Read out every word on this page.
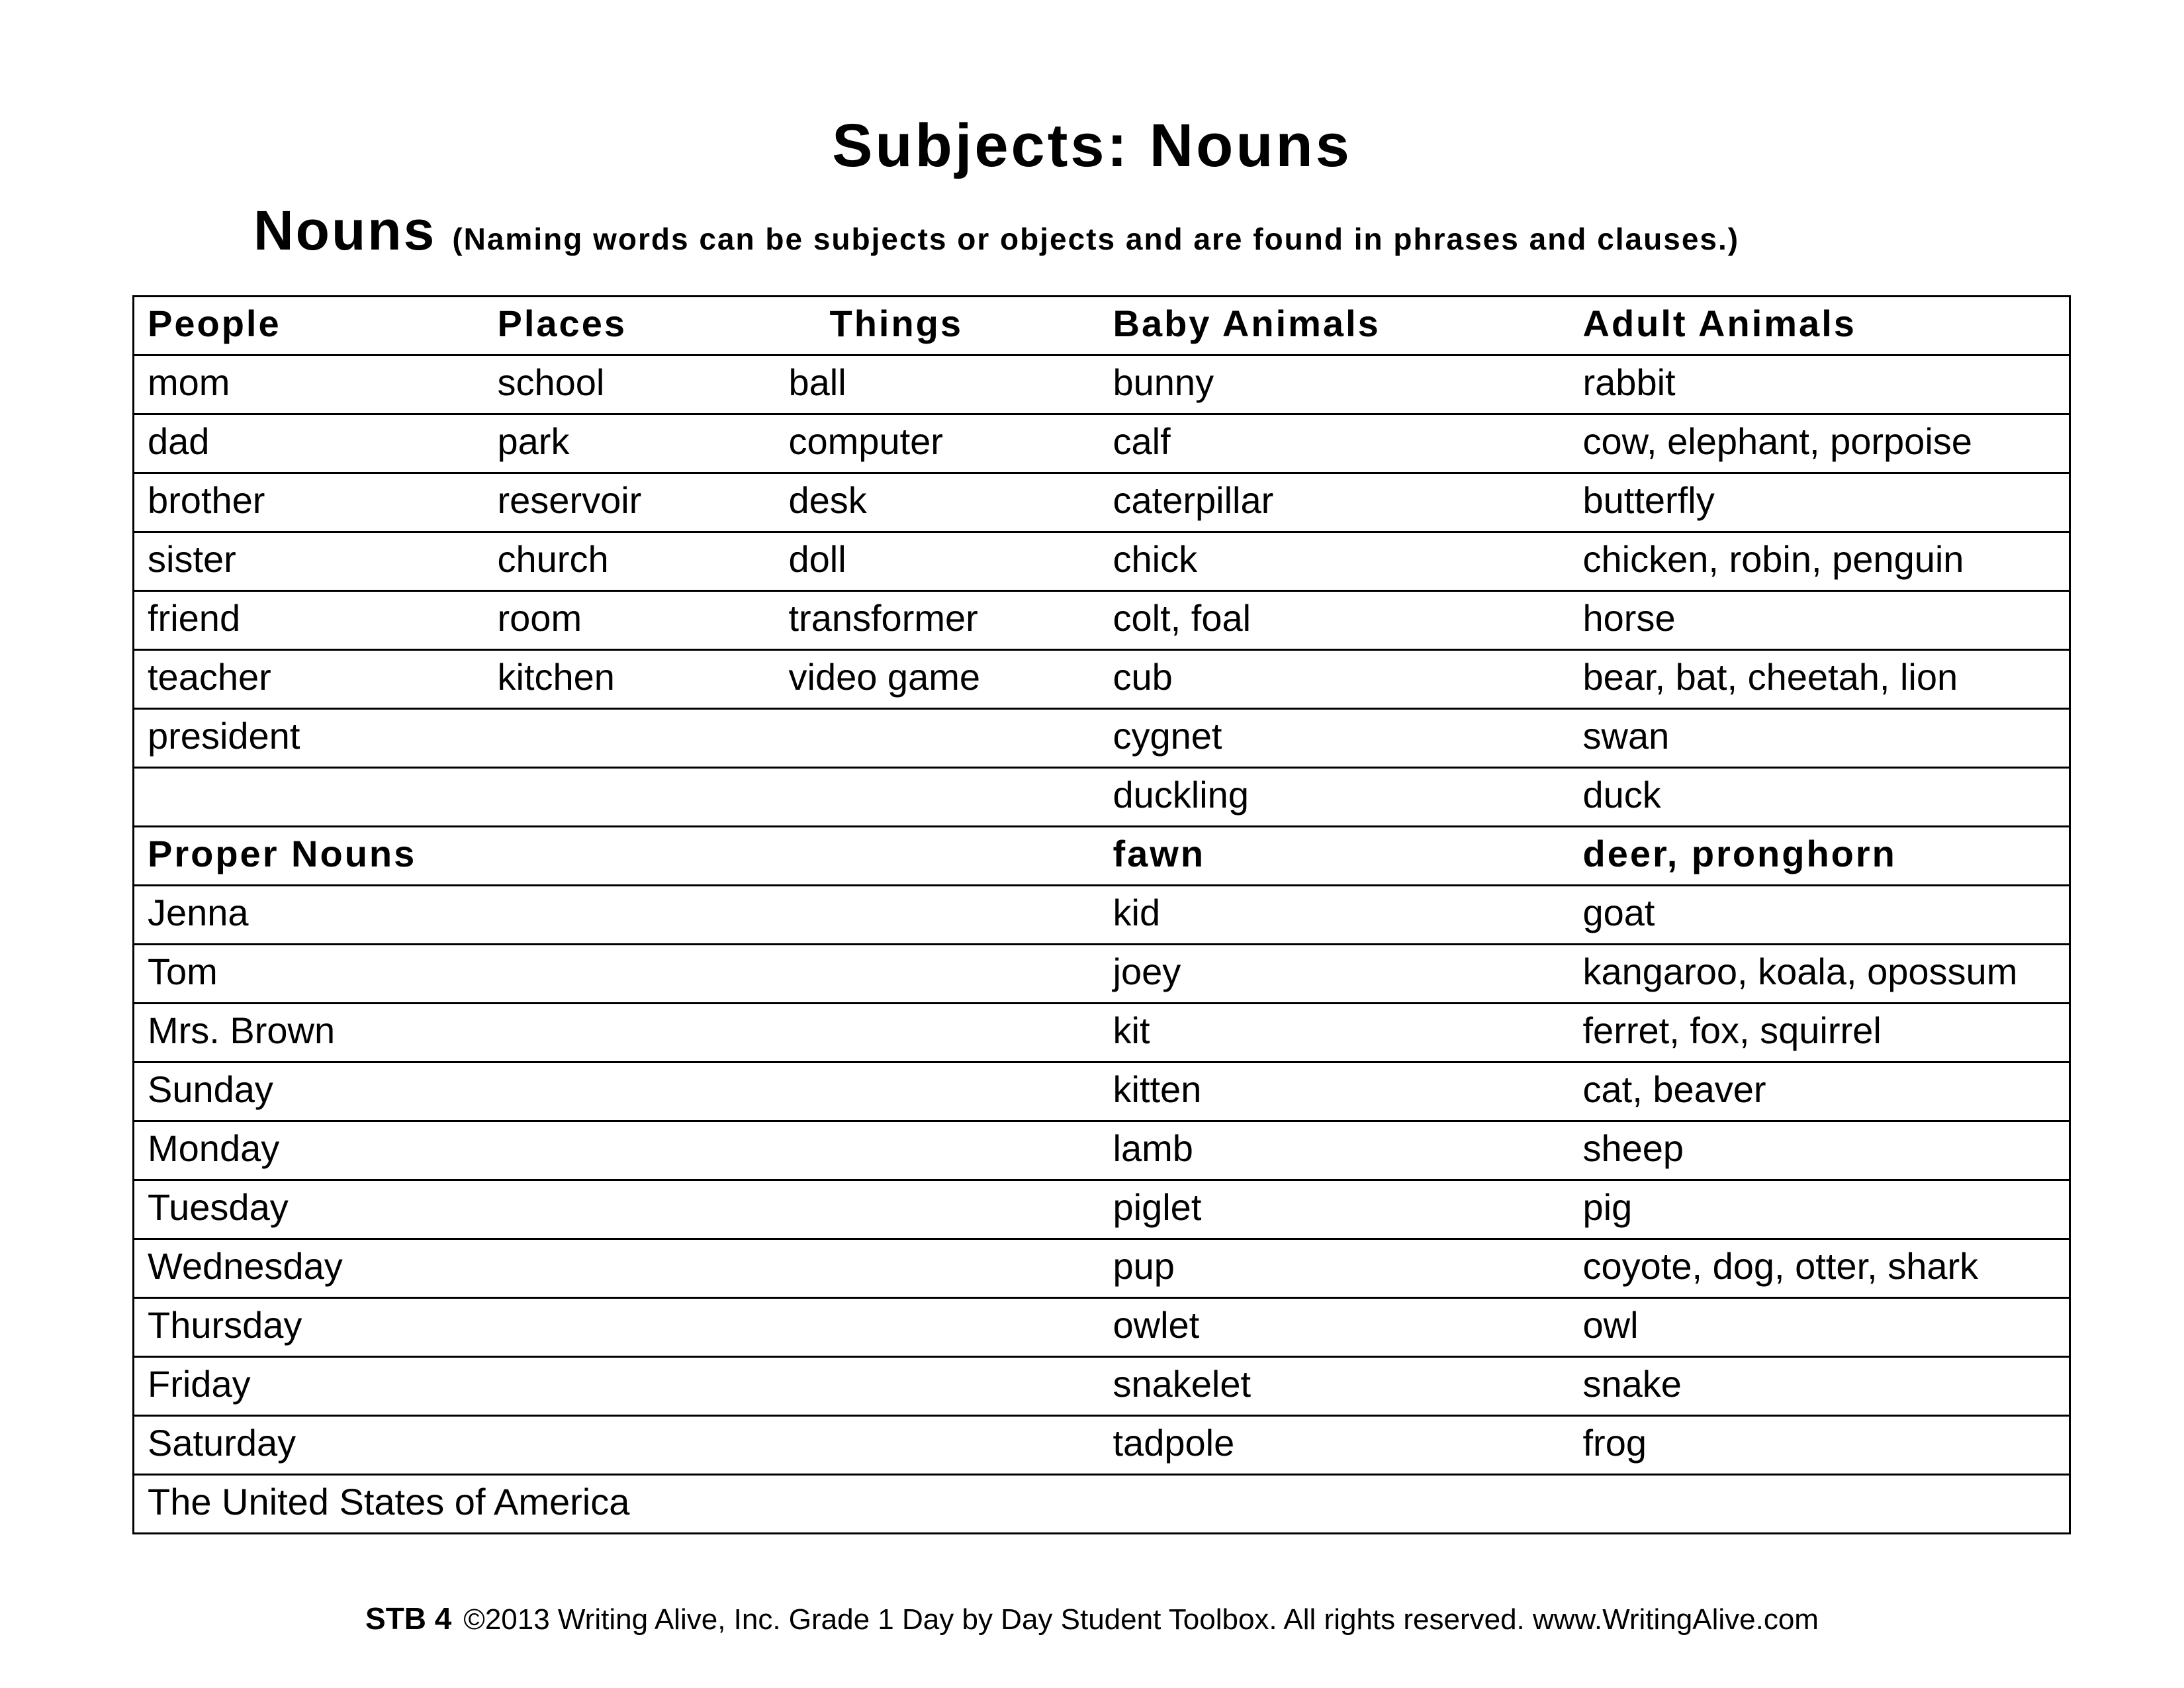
Subjects: Nouns
Nouns (Naming words can be subjects or objects and are found in phrases and clauses.)
People	Places	Things	Baby Animals	Adult Animals
mom	school	ball	bunny	rabbit
dad	park	computer	calf	cow, elephant, porpoise
brother	reservoir	desk	caterpillar	butterfly
sister	church	doll	chick	chicken, robin, penguin
friend	room	transformer	colt, foal	horse
teacher	kitchen	video game	cub	bear, bat, cheetah, lion
president			cygnet	swan
			duckling	duck
Proper Nouns			fawn	deer, pronghorn
Jenna			kid	goat
Tom			joey	kangaroo, koala, opossum
Mrs. Brown			kit	ferret, fox, squirrel
Sunday			kitten	cat, beaver
Monday			lamb	sheep
Tuesday			piglet	pig
Wednesday			pup	coyote, dog, otter, shark
Thursday			owlet	owl
Friday			snakelet	snake
Saturday			tadpole	frog
The United States of America				
STB 4 ©2013 Writing Alive, Inc. Grade 1 Day by Day Student Toolbox. All rights reserved. www.WritingAlive.com
